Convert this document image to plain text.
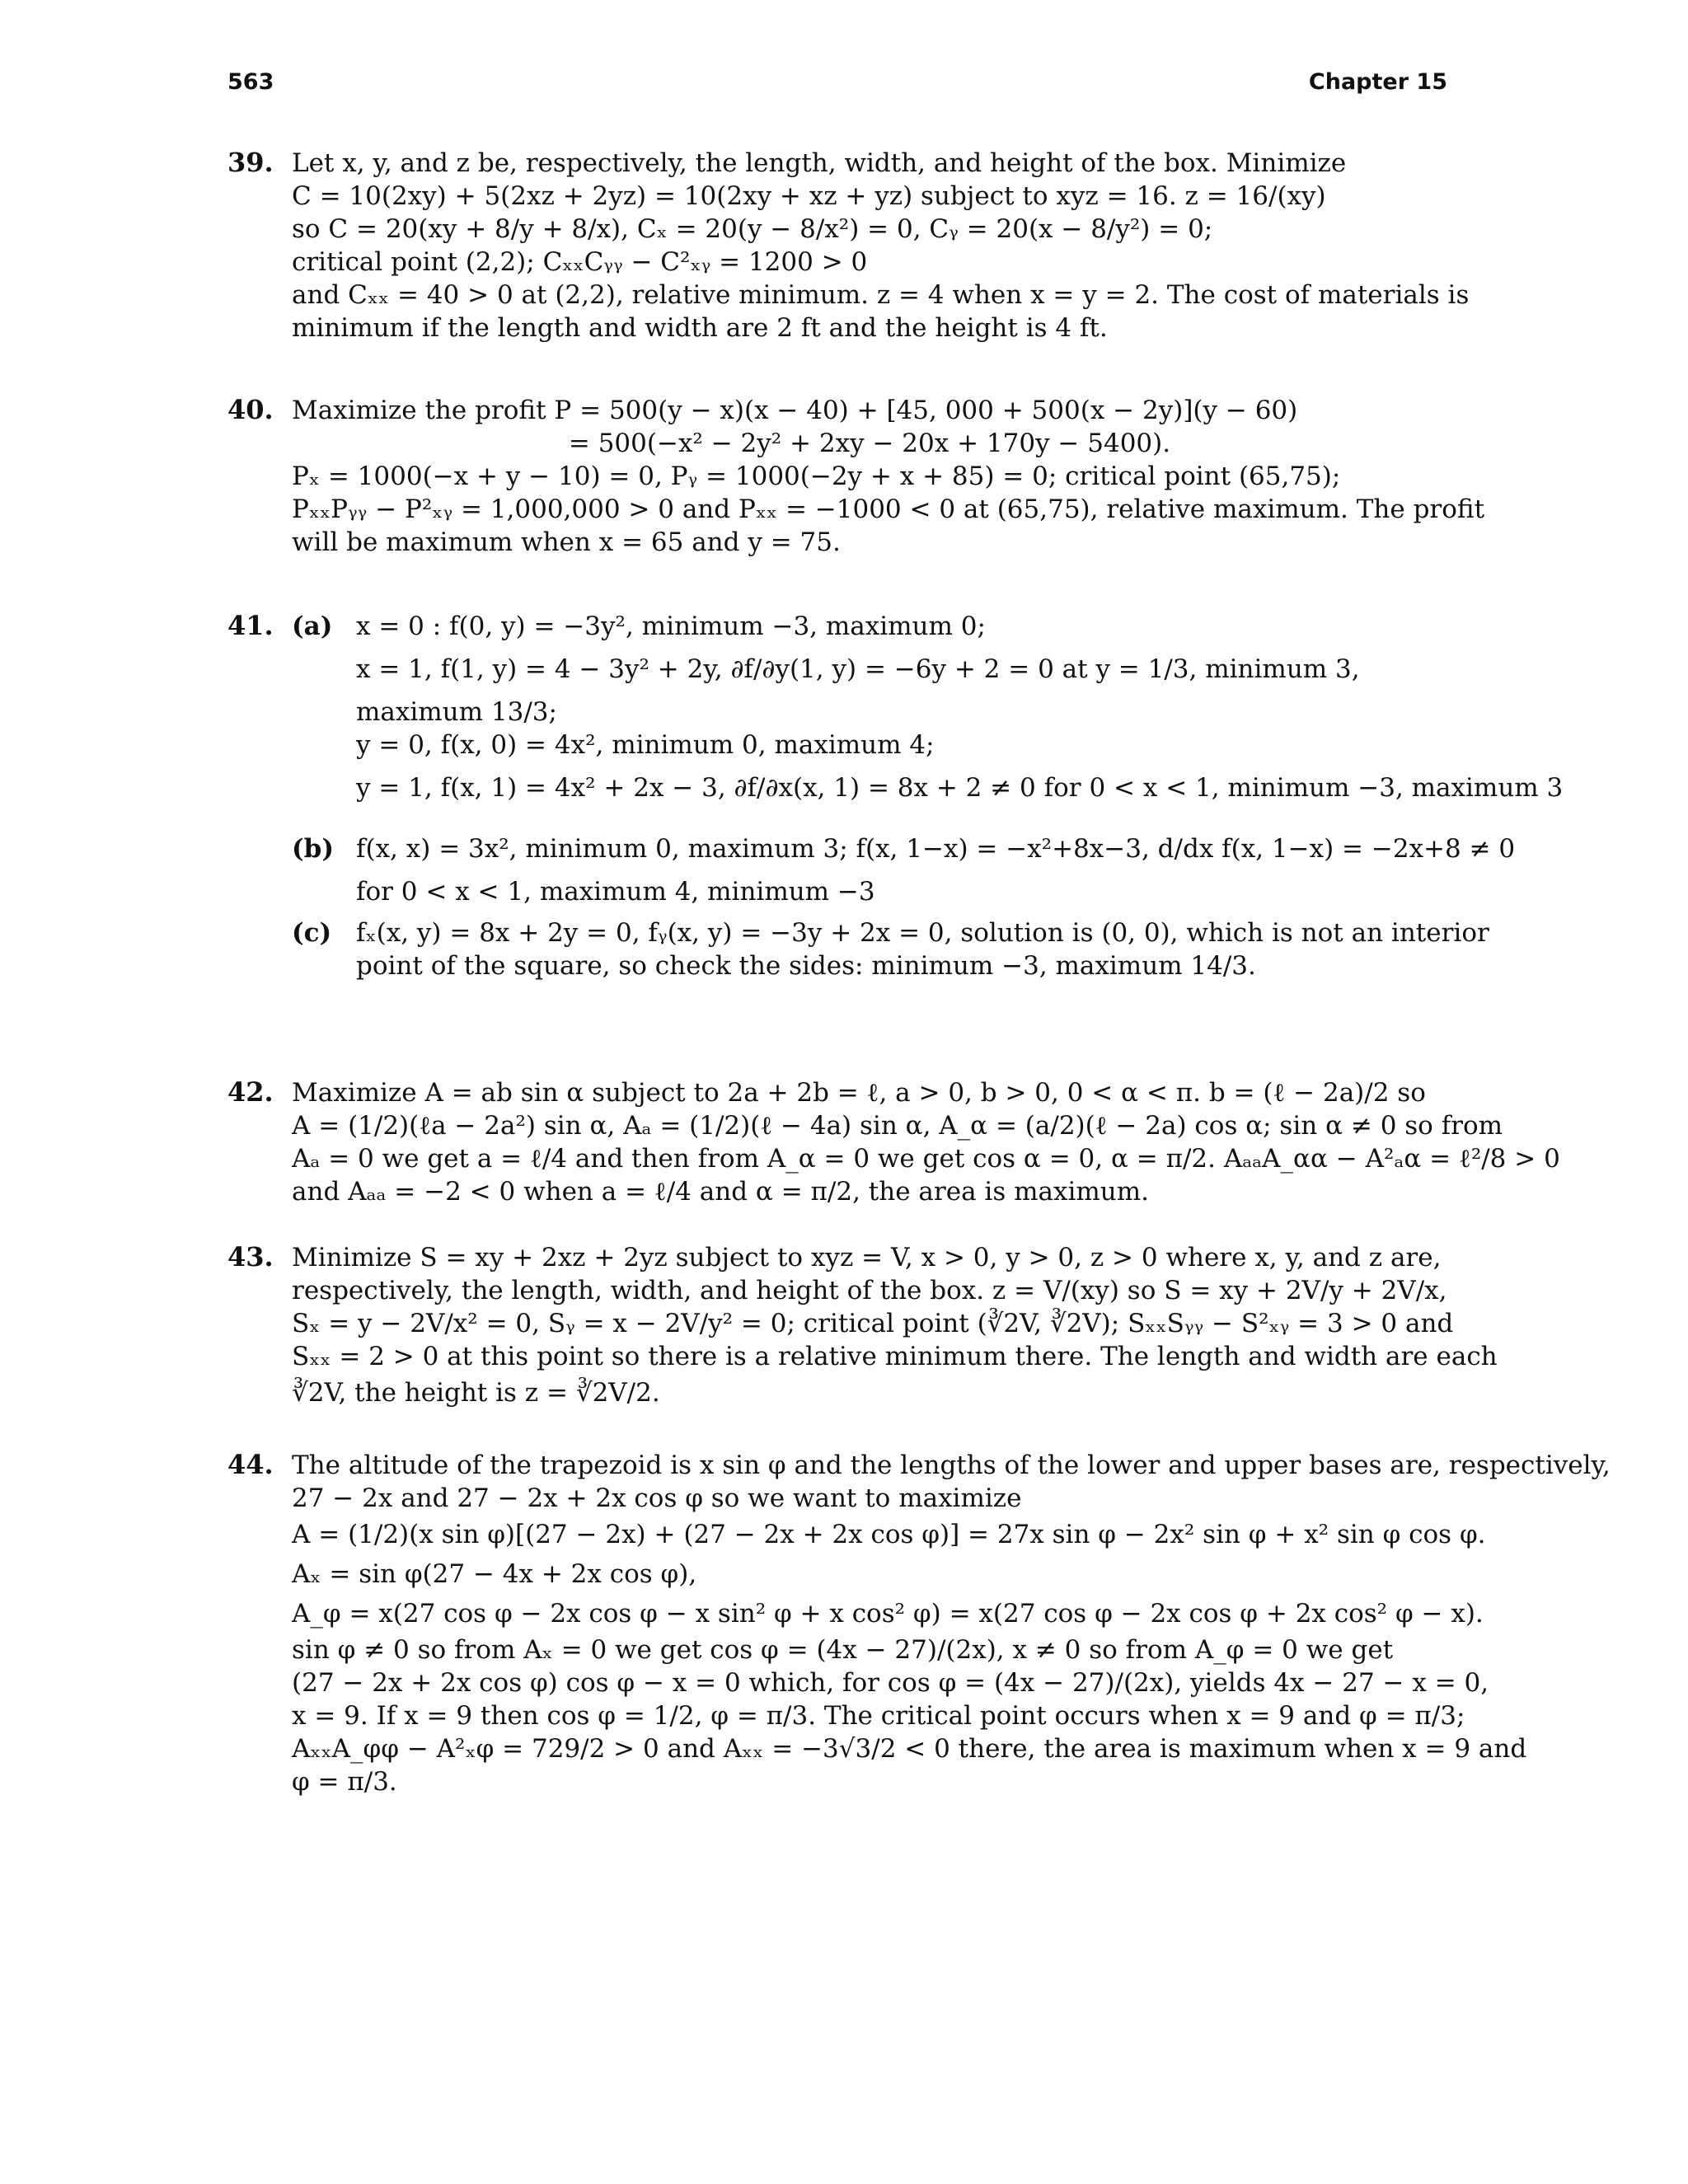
563	Chapter 15
39. Let x, y, and z be, respectively, the length, width, and height of the box. Minimize
C = 10(2xy) + 5(2xz + 2yz) = 10(2xy + xz + yz) subject to xyz = 16. z = 16/(xy)
so C = 20(xy + 8/y + 8/x), Cₓ = 20(y − 8/x²) = 0, Cᵧ = 20(x − 8/y²) = 0;
critical point (2,2); CₓₓCᵧᵧ − C²ₓᵧ = 1200 > 0
and Cₓₓ = 40 > 0 at (2,2), relative minimum. z = 4 when x = y = 2. The cost of materials is
minimum if the length and width are 2 ft and the height is 4 ft.
40. Maximize the profit P = 500(y − x)(x − 40) + [45, 000 + 500(x − 2y)](y − 60)
= 500(−x² − 2y² + 2xy − 20x + 170y − 5400).
Pₓ = 1000(−x + y − 10) = 0, Pᵧ = 1000(−2y + x + 85) = 0; critical point (65,75);
PₓₓPᵧᵧ − P²ₓᵧ = 1,000,000 > 0 and Pₓₓ = −1000 < 0 at (65,75), relative maximum. The profit
will be maximum when x = 65 and y = 75.
41. (a) x = 0 : f(0, y) = −3y², minimum −3, maximum 0;
x = 1, f(1, y) = 4 − 3y² + 2y, ∂f/∂y(1, y) = −6y + 2 = 0 at y = 1/3, minimum 3,
maximum 13/3;
y = 0, f(x, 0) = 4x², minimum 0, maximum 4;
y = 1, f(x, 1) = 4x² + 2x − 3, ∂f/∂x(x, 1) = 8x + 2 ≠ 0 for 0 < x < 1, minimum −3, maximum 3
(b) f(x, x) = 3x², minimum 0, maximum 3; f(x, 1−x) = −x²+8x−3, d/dx f(x, 1−x) = −2x+8 ≠ 0
for 0 < x < 1, maximum 4, minimum −3
(c) fₓ(x, y) = 8x + 2y = 0, fᵧ(x, y) = −3y + 2x = 0, solution is (0, 0), which is not an interior
point of the square, so check the sides: minimum −3, maximum 14/3.
42. Maximize A = ab sin α subject to 2a + 2b = ℓ, a > 0, b > 0, 0 < α < π. b = (ℓ − 2a)/2 so
A = (1/2)(ℓa − 2a²) sin α, Aₐ = (1/2)(ℓ − 4a) sin α, A_α = (a/2)(ℓ − 2a) cos α; sin α ≠ 0 so from
Aₐ = 0 we get a = ℓ/4 and then from A_α = 0 we get cos α = 0, α = π/2. AₐₐA_αα − A²ₐα = ℓ²/8 > 0
and Aₐₐ = −2 < 0 when a = ℓ/4 and α = π/2, the area is maximum.
43. Minimize S = xy + 2xz + 2yz subject to xyz = V, x > 0, y > 0, z > 0 where x, y, and z are,
respectively, the length, width, and height of the box. z = V/(xy) so S = xy + 2V/y + 2V/x,
Sₓ = y − 2V/x² = 0, Sᵧ = x − 2V/y² = 0; critical point (∛2V, ∛2V); SₓₓSᵧᵧ − S²ₓᵧ = 3 > 0 and
Sₓₓ = 2 > 0 at this point so there is a relative minimum there. The length and width are each
∛2V, the height is z = ∛2V/2.
44. The altitude of the trapezoid is x sin φ and the lengths of the lower and upper bases are, respectively,
27 − 2x and 27 − 2x + 2x cos φ so we want to maximize
A = (1/2)(x sin φ)[(27 − 2x) + (27 − 2x + 2x cos φ)] = 27x sin φ − 2x² sin φ + x² sin φ cos φ.
Aₓ = sin φ(27 − 4x + 2x cos φ),
A_φ = x(27 cos φ − 2x cos φ − x sin² φ + x cos² φ) = x(27 cos φ − 2x cos φ + 2x cos² φ − x).
sin φ ≠ 0 so from Aₓ = 0 we get cos φ = (4x − 27)/(2x), x ≠ 0 so from A_φ = 0 we get
(27 − 2x + 2x cos φ) cos φ − x = 0 which, for cos φ = (4x − 27)/(2x), yields 4x − 27 − x = 0,
x = 9. If x = 9 then cos φ = 1/2, φ = π/3. The critical point occurs when x = 9 and φ = π/3;
AₓₓA_φφ − A²ₓφ = 729/2 > 0 and Aₓₓ = −3√3/2 < 0 there, the area is maximum when x = 9 and
φ = π/3.
